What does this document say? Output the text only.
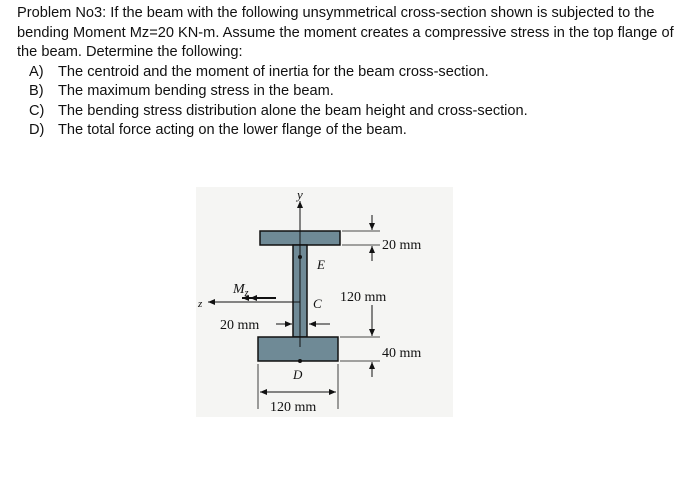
Problem No3: If the beam with the following unsymmetrical cross-section shown is subjected to the bending Moment Mz=20 KN-m. Assume the moment creates a compressive stress in the top flange of the beam. Determine the following:

A) The centroid and the moment of inertia for the beam cross-section.
B) The maximum bending stress in the beam.
C) The bending stress distribution alone the beam height and cross-section.
D) The total force acting on the lower flange of the beam.
y
z
$M_z$
20 mm
E
C
D
20 mm
120 mm
40 mm
120 mm
